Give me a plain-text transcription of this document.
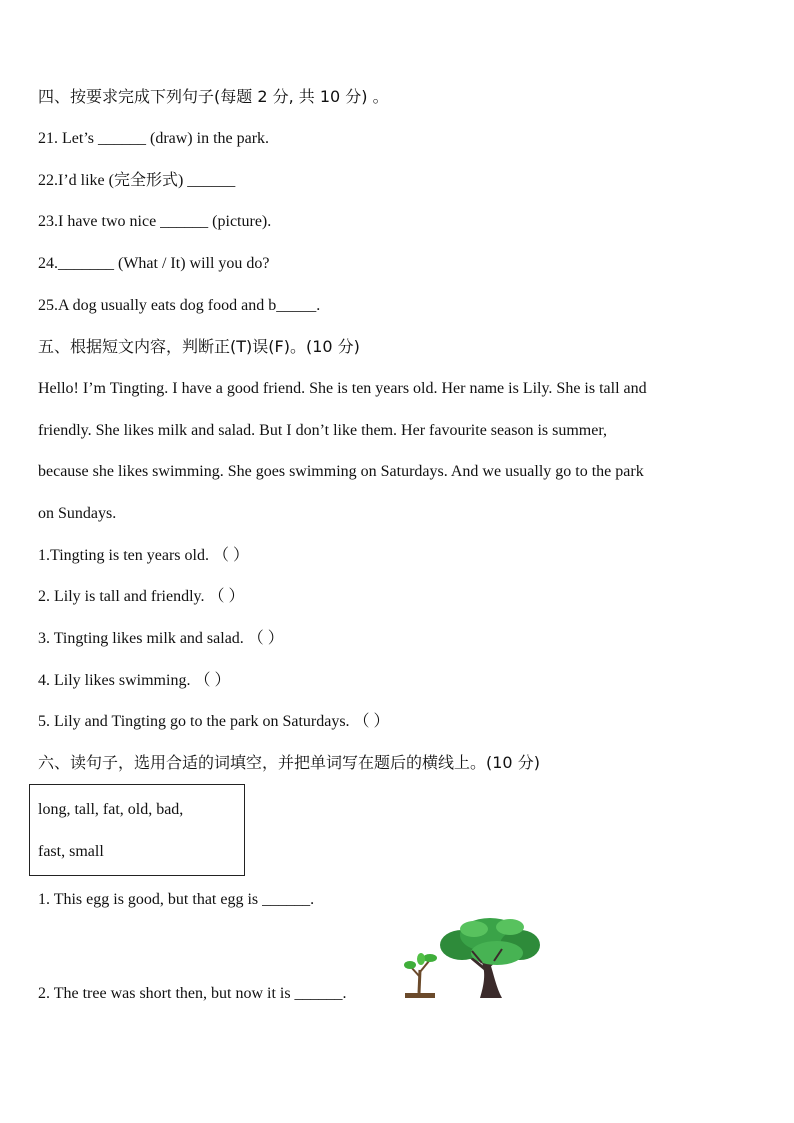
四、按要求完成下列句子(每题 2 分, 共 10 分) 。
21. Let’s ______ (draw) in the park.
22.I’d like (完全形式) ______
23.I have two nice ______ (picture).
24._______ (What / It) will you do?
25.A dog usually eats dog food and b_____.
五、根据短文内容，判断正(T)误(F)。(10 分)
Hello! I’m Tingting. I have a good friend. She is ten years old. Her name is Lily. She is tall and
friendly. She likes milk and salad. But I don’t like them. Her favourite season is summer,
because she likes swimming. She goes swimming on Saturdays. And we usually go to the park
on Sundays.
1.Tingting is ten years old. （ ）
2. Lily is tall and friendly. （ ）
3. Tingting likes milk and salad. （ ）
4. Lily likes swimming. （ ）
5. Lily and Tingting go to the park on Saturdays. （ ）
六、读句子，选用合适的词填空，并把单词写在题后的横线上。(10 分)
long, tall, fat, old, bad,
fast, small
1. This egg is good, but that egg is ______.
2. The tree was short then, but now it is ______.
